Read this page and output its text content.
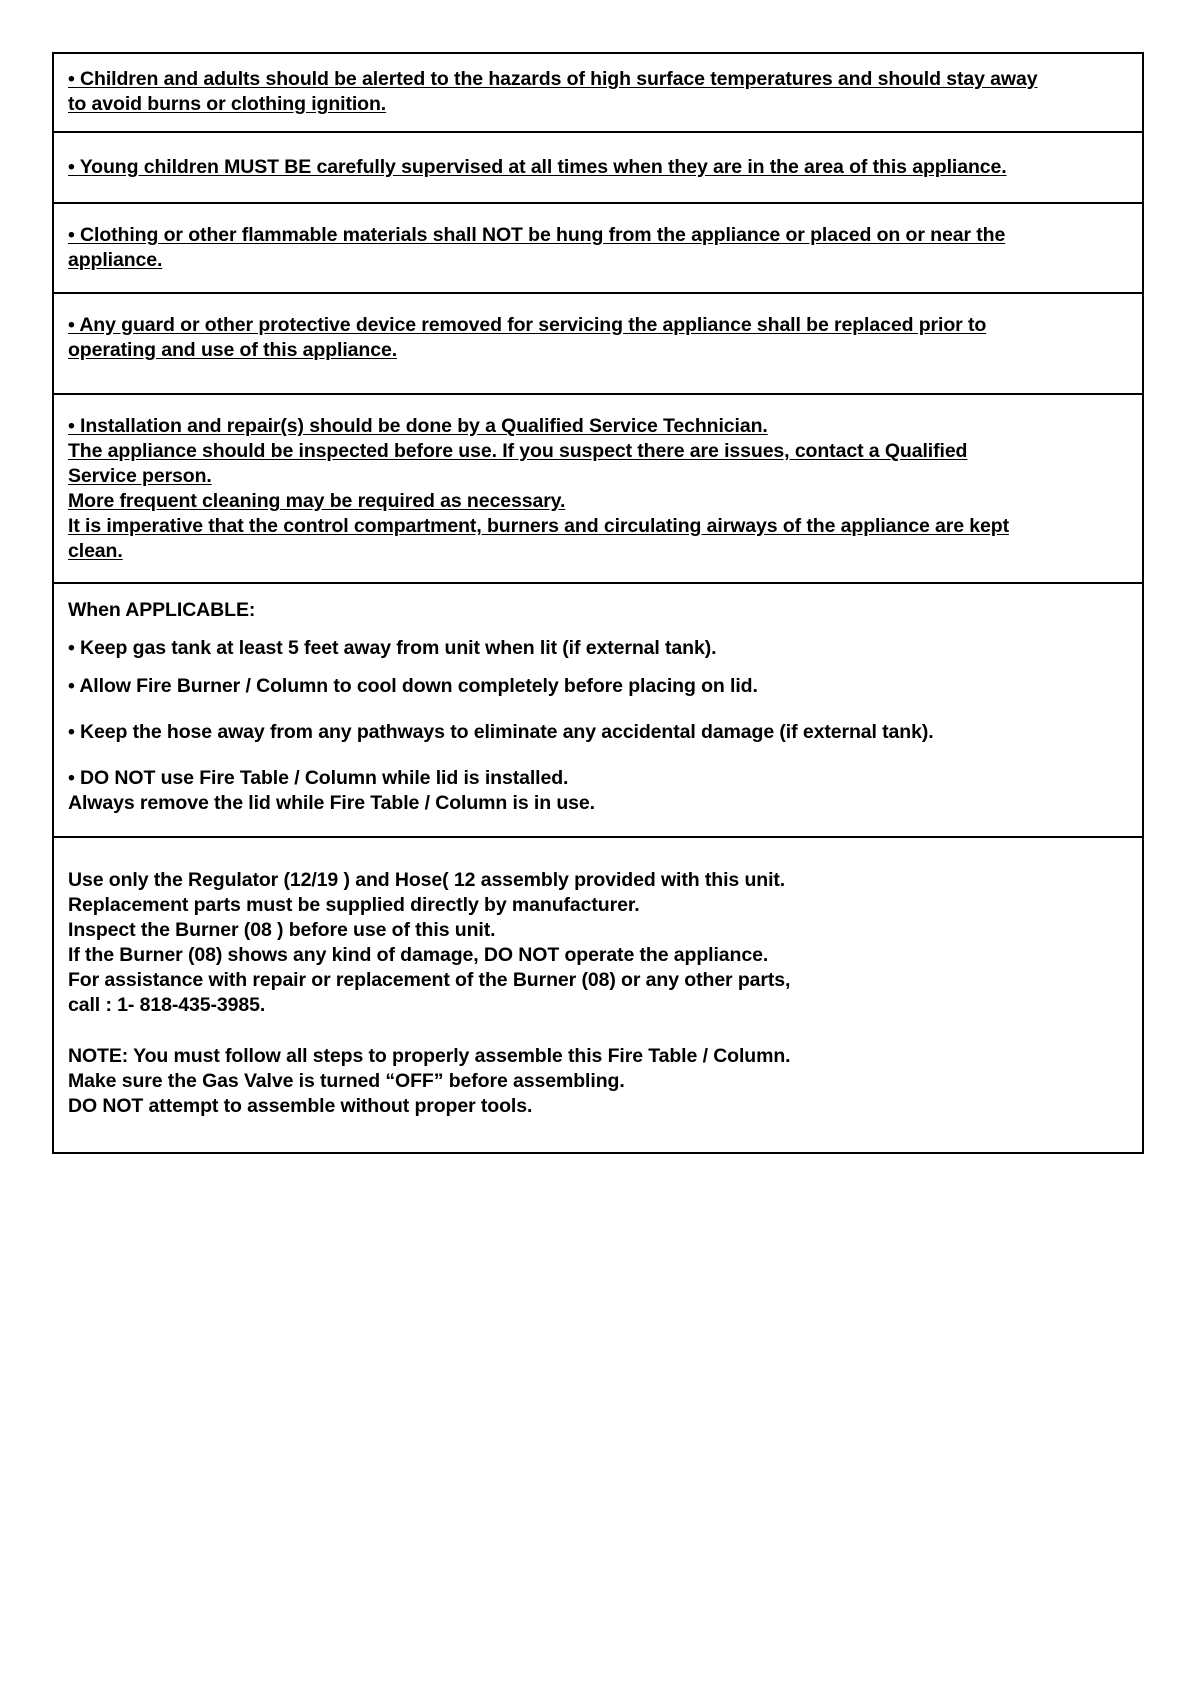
• Children and adults should be alerted to the hazards of high surface temperatures and should stay away
to avoid burns or clothing ignition.
• Young children MUST BE carefully supervised at all times when they are in the area of this appliance.
• Clothing or other flammable materials shall NOT be hung from the appliance or placed on or near the
appliance.
• Any guard or other protective device removed for servicing the appliance shall be replaced prior to
operating and use of this appliance.
• Installation and repair(s) should be done by a Qualified Service Technician.
The appliance should be inspected before use. If you suspect there are issues, contact a Qualified
Service person.
More frequent cleaning may be required as necessary.
It is imperative that the control compartment, burners and circulating airways of the appliance are kept
clean.
When APPLICABLE:
• Keep gas tank at least 5 feet away from unit when lit (if external tank).
• Allow Fire Burner / Column to cool down completely before placing on lid.
• Keep the hose away from any pathways to eliminate any accidental damage (if external tank).
• DO NOT use Fire Table / Column while lid is installed.
Always remove the lid while Fire Table / Column is in use.
Use only the Regulator (12/19 ) and Hose( 12 assembly provided with this unit.
Replacement parts must be supplied directly by manufacturer.
Inspect the Burner (08 ) before use of this unit.
If the Burner (08) shows any kind of damage, DO NOT operate the appliance.
For assistance with repair or replacement of the Burner (08) or any other parts,
call : 1- 818-435-3985.
NOTE: You must follow all steps to properly assemble this Fire Table / Column.
Make sure the Gas Valve is turned “OFF” before assembling.
DO NOT attempt to assemble without proper tools.
